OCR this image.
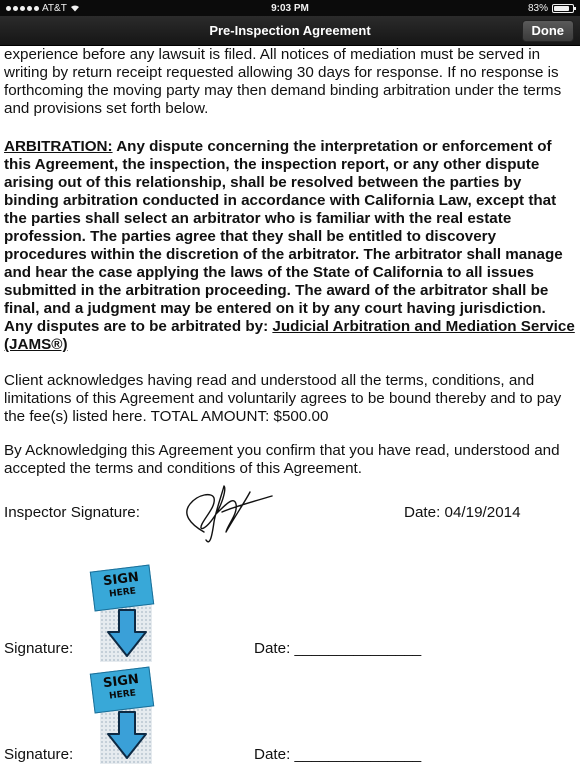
AT&T	9:03 PM	83%
Pre-Inspection Agreement	Done

experience before any lawsuit is filed. All notices of mediation must be served in writing by return receipt requested allowing 30 days for response. If no response is forthcoming the moving party may then demand binding arbitration under the terms and provisions set forth below.

ARBITRATION: Any dispute concerning the interpretation or enforcement of this Agreement, the inspection, the inspection report, or any other dispute arising out of this relationship, shall be resolved between the parties by binding arbitration conducted in accordance with California Law, except that the parties shall select an arbitrator who is familiar with the real estate profession. The parties agree that they shall be entitled to discovery procedures within the discretion of the arbitrator. The arbitrator shall manage and hear the case applying the laws of the State of California to all issues submitted in the arbitration proceeding. The award of the arbitrator shall be final, and a judgment may be entered on it by any court having jurisdiction. Any disputes are to be arbitrated by: Judicial Arbitration and Mediation Service (JAMS®)

Client acknowledges having read and understood all the terms, conditions, and limitations of this Agreement and voluntarily agrees to be bound thereby and to pay the fee(s) listed here. TOTAL AMOUNT: $500.00

By Acknowledging this Agreement you confirm that you have read, understood and accepted the terms and conditions of this Agreement.

Inspector Signature:	Date: 04/19/2014
SIGN
HERE
Signature:	Date: _______________
SIGN
HERE
Signature:	Date: _______________
